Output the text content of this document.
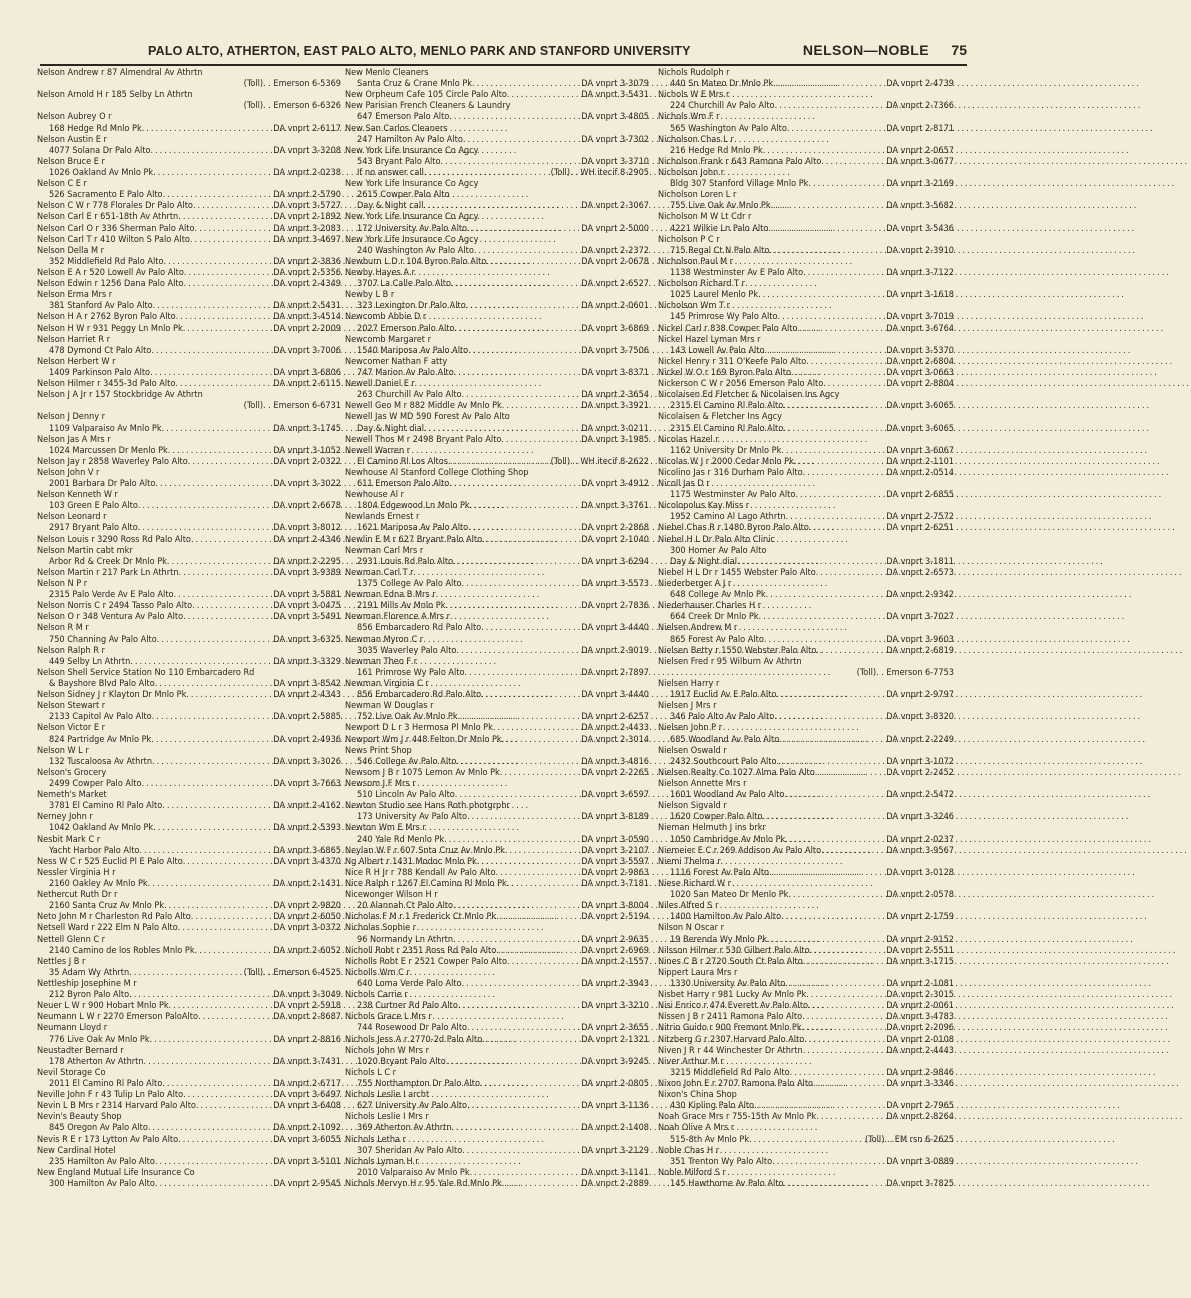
PALO ALTO, ATHERTON, EAST PALO ALTO, MENLO PARK AND STANFORD UNIVERSITY	NELSON—NOBLE 75
Nelson Andrew r 87 Almendral Av Athrtn
(Toll). . Emerson 6-5369
Nelson Arnold H r 185 Selby Ln Athrtn
(Toll). . Emerson 6-6326
Nelson Aubrey O r
168 Hedge Rd Mnlo Pk .....	DA vnprt 2-6117
Nelson Austin E r
4077 Solana Dr Palo Alto .....	DA vnprt 3-3208
Nelson Bruce E r
1026 Oakland Av Mnlo Pk .....	DA vnprt 2-0238
Nelson C E r
526 Sacramento E Palo Alto .....	DA vnprt 2-5790
Nelson C W r 778 Florales Dr Palo Alto .....	DA vnprt 3-5727
Nelson Carl E r 651-18th Av Athrtn .....	DA vnprt 2-1892
Nelson Carl O r 336 Sherman Palo Alto .....	DA vnprt 3-2083
Nelson Carl T r 410 Wilton S Palo Alto .....	DA vnprt 3-4697
Nelson Della M r
352 Middlefield Rd Palo Alto .....	DA vnprt 2-3836
Nelson E A r 520 Lowell Av Palo Alto .....	DA vnprt 2-5356
Nelson Edwin r 1256 Dana Palo Alto .....	DA vnprt 2-4349
Nelson Erma Mrs r
381 Stanford Av Palo Alto .....	DA vnprt 2-5431
Nelson H A r 2762 Byron Palo Alto .....	DA vnprt 3-4514
Nelson H W r 931 Peggy Ln Mnlo Pk .....	DA vnprt 2-2009
Nelson Harriet R r
478 Dymond Ct Palo Alto .....	DA vnprt 3-7006
Nelson Herbert W r
1409 Parkinson Palo Alto .....	DA vnprt 3-6806
Nelson Hilmer r 3455-3d Palo Alto .....	DA vnprt 2-6115
Nelson J A Jr r 157 Stockbridge Av Athrtn
(Toll). . Emerson 6-6731
Nelson J Denny r
1109 Valparaiso Av Mnlo Pk .....	DA vnprt 3-1745
Nelson Jas A Mrs r
1024 Marcussen Dr Menlo Pk .....	DA vnprt 3-1052
Nelson Jay r 2858 Waverley Palo Alto .....	DA vnprt 2-0322
Nelson John V r
2001 Barbara Dr Palo Alto .....	DA vnprt 3-3022
Nelson Kenneth W r
103 Green E Palo Alto .....	DA vnprt 2-6678
Nelson Leonard r
2917 Bryant Palo Alto .....	DA vnprt 3-8012
Nelson Louis r 3290 Ross Rd Palo Alto .....	DA vnprt 2-4346
Nelson Martin cabt mkr
Arbor Rd & Creek Dr Mnlo Pk .....	DA vnprt 2-2295
Nelson Martin r 217 Park Ln Athrtn .....	DA vnprt 3-9389
Nelson N P r
2315 Palo Verde Av E Palo Alto .....	DA vnprt 3-5881
Nelson Norris C r 2494 Tasso Palo Alto .....	DA vnprt 3-0475
Nelson O r 348 Ventura Av Palo Alto .....	DA vnprt 3-5491
Nelson R M r
750 Channing Av Palo Alto .....	DA vnprt 3-6325
Nelson Ralph R r
449 Selby Ln Athrtn .....	DA vnprt 3-3329
Nelson Shell Service Station No 110 Embarcadero Rd
& Bayshore Blvd Palo Alto .....	DA vnprt 3-8542
Nelson Sidney J r Klayton Dr Mnlo Pk .....	DA vnprt 2-4343
Nelson Stewart r
2133 Capitol Av Palo Alto .....	DA vnprt 2-5885
Nelson Victor E r
824 Partridge Av Mnlo Pk .....	DA vnprt 2-4936
Nelson W L r
132 Tuscaloosa Av Athrtn .....	DA vnprt 3-3026
Nelson's Grocery
2499 Cowper Palo Alto .....	DA vnprt 3-7663
Nemeth's Market
3781 El Camino Rl Palo Alto .....	DA vnprt 2-4162
Nerney John r
1042 Oakland Av Mnlo Pk .....	DA vnprt 2-5393
Nesbit Mark C r
Yacht Harbor Palo Alto .....	DA vnprt 3-6865
Ness W C r 525 Euclid Pl E Palo Alto .....	DA vnprt 3-4370
Nessler Virginia H r
2160 Oakley Av Mnlo Pk .....	DA vnprt 2-1431
Nethercut Ruth Dr r
2160 Santa Cruz Av Mnlo Pk .....	DA vnprt 2-9820
Neto John M r Charleston Rd Palo Alto .....	DA vnprt 2-6050
Netsell Ward r 222 Elm N Palo Alto .....	DA vnprt 3-0372
Nettell Glenn C r
2140 Camino de los Robles Mnlo Pk .....	DA vnprt 2-6052
Nettles J B r
35 Adam Wy Athrtn .....	(Toll). . Emerson 6-4525
Nettleship Josephine M r
212 Byron Palo Alto .....	DA vnprt 3-3049
Neuer L W r 900 Hobart Mnlo Pk .....	DA vnprt 2-5918
Neumann L W r 2270 Emerson PaloAlto .....	DA vnprt 2-8687
Neumann Lloyd r
776 Live Oak Av Mnlo Pk .....	DA vnprt 2-8816
Neustadter Bernard r
178 Atherton Av Athrtn .....	DA vnprt 3-7431
Nevil Storage Co
2011 El Camino Rl Palo Alto .....	DA vnprt 2-6717
Neville John F r 43 Tulip Ln Palo Alto .....	DA vnprt 3-6497
Nevin L B Mrs r 2314 Harvard Palo Alto .....	DA vnprt 3-6408
Nevin's Beauty Shop
845 Oregon Av Palo Alto .....	DA vnprt 2-1092
Nevis R E r 173 Lytton Av Palo Alto .....	DA vnprt 3-6055
New Cardinal Hotel
235 Hamilton Av Palo Alto .....	DA vnprt 3-5101
New England Mutual Life Insurance Co
300 Hamilton Av Palo Alto .....	DA vnprt 2-9545
New Menlo Cleaners
Santa Cruz & Crane Mnlo Pk .....	DA vnprt 3-3079
New Orpheum Cafe 105 Circle Palo Alto .....	DA vnprt 3-5431
New Parisian French Cleaners & Laundry
647 Emerson Palo Alto .....	DA vnprt 3-4805
New San Carlos Cleaners
247 Hamilton Av Palo Alto .....	DA vnprt 3-7302
New York Life Insurance Co Agcy
543 Bryant Palo Alto .....	DA vnprt 3-3710
If no answer call .....	(Toll). . WH itecif 8-2905
New York Life Insurance Co Agcy
2615 Cowper Palo Alto
Day & Night call .....	DA vnprt 2-3067
New York Life Insurance Co Agcy
172 University Av Palo Alto .....	DA vnprt 2-5000
New York Life Insurance Co Agcy
240 Washington Av Palo Alto .....	DA vnprt 2-2372
Newburn L D r 104 Byron Palo Alto .....	DA vnprt 2-0678
Newby Hayes A r
3707 La Calle Palo Alto .....	DA vnprt 2-6527
Newby L B r
323 Lexington Dr Palo Alto .....	DA vnprt 2-0601
Newcomb Abbie D r
2027 Emerson Palo Alto .....	DA vnprt 3-6869
Newcomb Margaret r
1540 Mariposa Av Palo Alto .....	DA vnprt 3-7506
Newcomer Nathan F atty
747 Marion Av Palo Alto .....	DA vnprt 3-8371
Newell Daniel E r
263 Churchill Av Palo Alto .....	DA vnprt 2-3654
Newell Geo M r 882 Middle Av Mnlo Pk .....	DA vnprt 3-3921
Newell Jas W MD 590 Forest Av Palo Alto
Day & Night dial .....	DA vnprt 3-0211
Newell Thos M r 2498 Bryant Palo Alto .....	DA vnprt 3-1985
Newell Warren r
El Camino Rl Los Altos .....	(Toll). . WH itecif 8-2622
Newhouse Al Stanford College Clothing Shop
611 Emerson Palo Alto .....	DA vnprt 3-4912
Newhouse Al r
1804 Edgewood Ln Mnlo Pk .....	DA vnprt 3-3761
Newlands Ernest r
1621 Mariposa Av Palo Alto .....	DA vnprt 2-2868
Newlin E M r 627 Bryant Palo Alto .....	DA vnprt 2-1040
Newman Carl Mrs r
2931 Louis Rd Palo Alto .....	DA vnprt 3-6294
Newman Carl T r
1375 College Av Palo Alto .....	DA vnprt 3-5573
Newman Edna B Mrs r
2191 Mills Av Mnlo Pk .....	DA vnprt 2-7836
Newman Florence A Mrs r
856 Embarcadero Rd Palo Alto .....	DA vnprt 3-4440
Newman Myron C r
3035 Waverley Palo Alto .....	DA vnprt 2-9019
Newman Theo F r
161 Primrose Wy Palo Alto .....	DA vnprt 2-7897
Newman Virginia C r
856 Embarcadero Rd Palo Alto .....	DA vnprt 3-4440
Newman W Douglas r
752 Live Oak Av Mnlo Pk .....	DA vnprt 2-6257
Newport D L r 3 Hermosa Pl Mnlo Pk .....	DA vnprt 2-4433
Newport Wm J r 448 Felton Dr Mnlo Pk .....	DA vnprt 2-3014
News Print Shop
546 College Av Palo Alto .....	DA vnprt 3-4816
Newsom J B r 1075 Lemon Av Mnlo Pk .....	DA vnprt 2-2265
Newsom J F Mrs r
510 Lincoln Av Palo Alto .....	DA vnprt 3-6597
Newton Studio see Hans Roth photgrphr
173 University Av Palo Alto .....	DA vnprt 3-8189
Newton Wm E Mrs r
240 Yale Rd Menlo Pk .....	DA vnprt 3-0590
Neylan W F r 607 Snta Cruz Av Mnlo Pk .....	DA vnprt 3-2107
Ng Albert r 1431 Modoc Mnlo Pk .....	DA vnprt 3-5597
Nice R H Jr r 788 Kendall Av Palo Alto .....	DA vnprt 2-9863
Nice Ralph r 1267 El Camino Rl Mnlo Pk .....	DA vnprt 3-7181
Nicewonger Wilson H r
20 Alannah Ct Palo Alto .....	DA vnprt 3-8004
Nicholas F M r 1 Frederick Ct Mnlo Pk .....	DA vnprt 2-5194
Nicholas Sophie r
96 Normandy Ln Athrtn .....	DA vnprt 2-9635
Nicholl Robt r 2351 Ross Rd Palo Alto .....	DA vnprt 2-6969
Nicholls Robt E r 2521 Cowper Palo Alto .....	DA vnprt 2-1557
Nicholls Wm C r
640 Loma Verde Palo Alto .....	DA vnprt 2-3943
Nichols Carrie r
238 Curtner Rd Palo Alto .....	DA vnprt 3-3210
Nichols Grace L Mrs r
744 Rosewood Dr Palo Alto .....	DA vnprt 2-3655
Nichols Jess A r 2770-2d Palo Alto .....	DA vnprt 2-1321
Nichols John W Mrs r
1020 Bryant Palo Alto .....	DA vnprt 3-9245
Nichols L C r
755 Northampton Dr Palo Alto .....	DA vnprt 2-0805
Nichols Leslie I archt
627 University Av Palo Alto .....	DA vnprt 3-1136
Nichols Leslie I Mrs r
369 Atherton Av Athrtn .....	DA vnprt 2-1408
Nichols Letha r
307 Sheridan Av Palo Alto .....	DA vnprt 3-2129
Nichols Lyman H r
2010 Valparaiso Av Mnlo Pk .....	DA vnprt 3-1141
Nichols Mervyn H r 95 Yale Rd Mnlo Pk .....	DA vnprt 2-2889
Nichols Rudolph r
440 Sn Mateo Dr Mnlo Pk .....	DA vnprt 2-4739
Nichols W E Mrs r
224 Churchill Av Palo Alto .....	DA vnprt 2-7366
Nichols Wm F r
565 Washington Av Palo Alto .....	DA vnprt 2-8171
Nicholson Chas L r
216 Hedge Rd Mnlo Pk .....	DA vnprt 2-0657
Nicholson Frank r 643 Ramona Palo Alto .....	DA vnprt 3-0677
Nicholson John r
Bldg 307 Stanford Village Mnlo Pk .....	DA vnprt 3-2169
Nicholson Loren L r
755 Live Oak Av Mnlo Pk .....	DA vnprt 3-5682
Nicholson M W Lt Cdr r
4221 Wilkie Ln Palo Alto .....	DA vnprt 3-5436
Nicholson P C r
715 Regal Ct N Palo Alto .....	DA vnprt 2-3910
Nicholson Paul M r
1138 Westminster Av E Palo Alto .....	DA vnprt 3-7122
Nicholson Richard T r
1025 Laurel Menlo Pk .....	DA vnprt 3-1618
Nicholson Wm T r
145 Primrose Wy Palo Alto .....	DA vnprt 3-7019
Nickel Carl r 838 Cowper Palo Alto .....	DA vnprt 3-6764
Nickel Hazel Lyman Mrs r
143 Lowell Av Palo Alto .....	DA vnprt 3-5370
Nickel Henry r 311 O'Keefe Palo Alto .....	DA vnprt 2-6804
Nickel W O r 169 Byron Palo Alto .....	DA vnprt 3-0663
Nickerson C W r 2056 Emerson Palo Alto .....	DA vnprt 2-8804
Nicolaisen Ed Fletcher & Nicolaisen Ins Agcy
2315 El Camino Rl Palo Alto .....	DA vnprt 3-6065
Nicolaisen & Fletcher Ins Agcy
2315 El Camino Rl Palo Alto .....	DA vnprt 3-6065
Nicolas Hazel r
1162 University Dr Mnlo Pk .....	DA vnprt 3-6067
Nicolas W J r 2000 Cedar Mnlo Pk .....	DA vnprt 2-1101
Nicolino Jas r 316 Durham Palo Alto .....	DA vnprt 2-0514
Nicoll Jas D r
1175 Westminster Av Palo Alto .....	DA vnprt 2-6855
Nicolopolus Kay Miss r
1952 Camino Al Lago Athrtn .....	DA vnprt 2-7572
Niebel Chas R r 1480 Byron Palo Alto .....	DA vnprt 2-6251
Niebel H L Dr Palo Alto Clinic
300 Homer Av Palo Alto
Day & Night dial .....	DA vnprt 3-1811
Niebel H L Dr r 1455 Webster Palo Alto .....	DA vnprt 2-6573
Niederberger A J r
648 College Av Mnlo Pk .....	DA vnprt 2-9342
Niederhauser Charles H r
664 Creek Dr Mnlo Pk .....	DA vnprt 3-7027
Nielsen Andrew M r
865 Forest Av Palo Alto .....	DA vnprt 3-9603
Nielsen Betty r 1550 Webster Palo Alto .....	DA vnprt 2-6819
Nielsen Fred r 95 Wilburn Av Athrtn
(Toll). . Emerson 6-7753
Nielsen Harry r
1917 Euclid Av E Palo Alto .....	DA vnprt 2-9797
Nielsen J Mrs r
346 Palo Alto Av Palo Alto .....	DA vnprt 3-8320
Nielsen John P r
685 Woodland Av Palo Alto .....	DA vnprt 2-2249
Nielsen Oswald r
2432 Southcourt Palo Alto .....	DA vnprt 3-1072
Nielsen Realty Co 1027 Alma Palo Alto .....	DA vnprt 2-2452
Nielson Annette Mrs r
1601 Woodland Av Palo Alto .....	DA vnprt 2-5472
Nielson Sigvald r
1620 Cowper Palo Alto .....	DA vnprt 3-3246
Nieman Helmuth J ins brkr
1050 Cambridge Av Mnlo Pk .....	DA vnprt 2-0237
Niemeier E C r 269 Addison Av Palo Alto .....	DA vnprt 3-9567
Niemi Thelma r
1116 Forest Av Palo Alto .....	DA vnprt 3-0128
Niese Richard W r
1020 San Mateo Dr Menlo Pk .....	DA vnprt 2-0578
Niles Alfred S r
1400 Hamilton Av Palo Alto .....	DA vnprt 2-1759
Nilson N Oscar r
19 Berenda Wy Mnlo Pk .....	DA vnprt 2-9152
Nilsson Hilmer r 530 Gilbert Palo Alto .....	DA vnprt 2-5511
Nines C B r 2720 South Ct Palo Alto .....	DA vnprt 3-1715
Nippert Laura Mrs r
1330 University Av Palo Alto .....	DA vnprt 2-1081
Nisbet Harry r 981 Lucky Av Mnlo Pk .....	DA vnprt 2-3015
Nisi Enrico r 474 Everett Av Palo Alto .....	DA vnprt 2-0061
Nissen J B r 2411 Ramona Palo Alto .....	DA vnprt 3-4783
Nitrio Guido r 900 Fremont Mnlo Pk .....	DA vnprt 2-2096
Nitzberg G r 2307 Harvard Palo Alto .....	DA vnprt 2-0108
Niven J R r 44 Winchester Dr Athrtn .....	DA vnprt 2-4443
Niver Arthur M r
3215 Middlefield Rd Palo Alto .....	DA vnprt 2-9846
Nixon John E r 2707 Ramona Palo Alto .....	DA vnprt 3-3346
Nixon's China Shop
430 Kipling Palo Alto .....	DA vnprt 2-7965
Noah Grace Mrs r 755-15th Av Mnlo Pk .....	DA vnprt 2-8264
Noah Olive A Mrs r
515-8th Av Mnlo Pk .....	(Toll). . EM rsn 6-2625
Noble Chas H r
351 Trenton Wy Palo Alto .....	DA vnprt 3-0889
Noble Milford S r
145 Hawthorne Av Palo Alto .....	DA vnprt 3-7825
